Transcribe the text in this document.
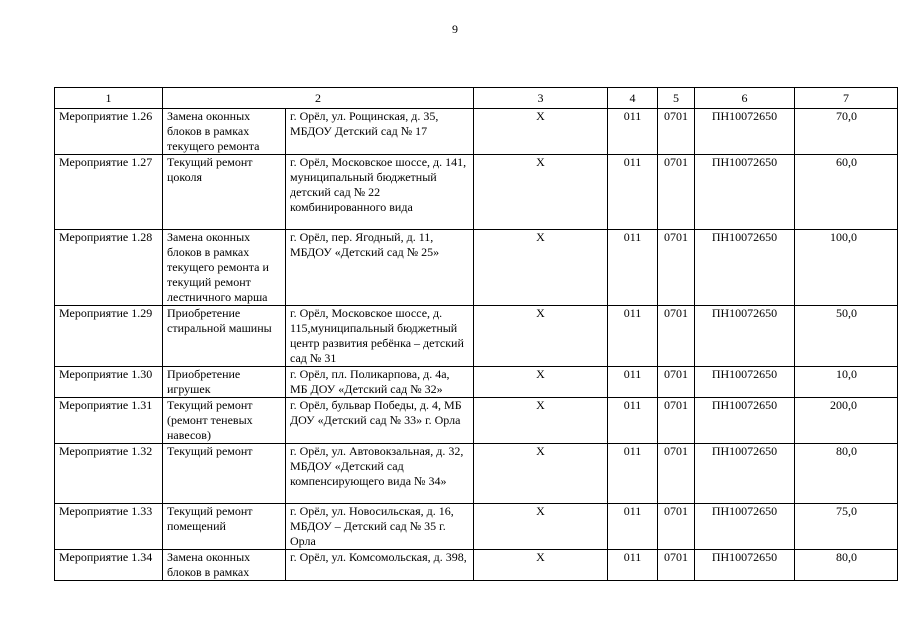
9
1	2		3	4	5	6	7
Мероприятие 1.26	Замена оконных блоков в рамках текущего ремонта	г. Орёл, ул. Рощинская, д. 35, МБДОУ Детский сад № 17	X	011	0701	ПН10072650	70,0
Мероприятие 1.27	Текущий ремонт цоколя	г. Орёл, Московское шоссе, д. 141, муниципальный бюджетный детский сад № 22 комбинированного вида	X	011	0701	ПН10072650	60,0
Мероприятие 1.28	Замена оконных блоков в рамках текущего ремонта и текущий ремонт лестничного марша	г. Орёл, пер. Ягодный, д. 11, МБДОУ «Детский сад № 25»	X	011	0701	ПН10072650	100,0
Мероприятие 1.29	Приобретение стиральной машины	г. Орёл, Московское шоссе, д. 115,муниципальный бюджетный центр развития ребёнка – детский сад № 31	X	011	0701	ПН10072650	50,0
Мероприятие 1.30	Приобретение игрушек	г. Орёл, пл. Поликарпова, д. 4а, МБ ДОУ «Детский сад № 32»	X	011	0701	ПН10072650	10,0
Мероприятие 1.31	Текущий ремонт (ремонт теневых навесов)	г. Орёл, бульвар Победы, д. 4, МБ ДОУ «Детский сад № 33» г. Орла	X	011	0701	ПН10072650	200,0
Мероприятие 1.32	Текущий ремонт	г. Орёл, ул. Автовокзальная, д. 32, МБДОУ «Детский сад компенсирующего вида № 34»	X	011	0701	ПН10072650	80,0
Мероприятие 1.33	Текущий ремонт помещений	г. Орёл, ул. Новосильская, д. 16, МБДОУ – Детский сад № 35 г. Орла	X	011	0701	ПН10072650	75,0
Мероприятие 1.34	Замена оконных блоков в рамках	г. Орёл, ул. Комсомольская, д. 398,	X	011	0701	ПН10072650	80,0
